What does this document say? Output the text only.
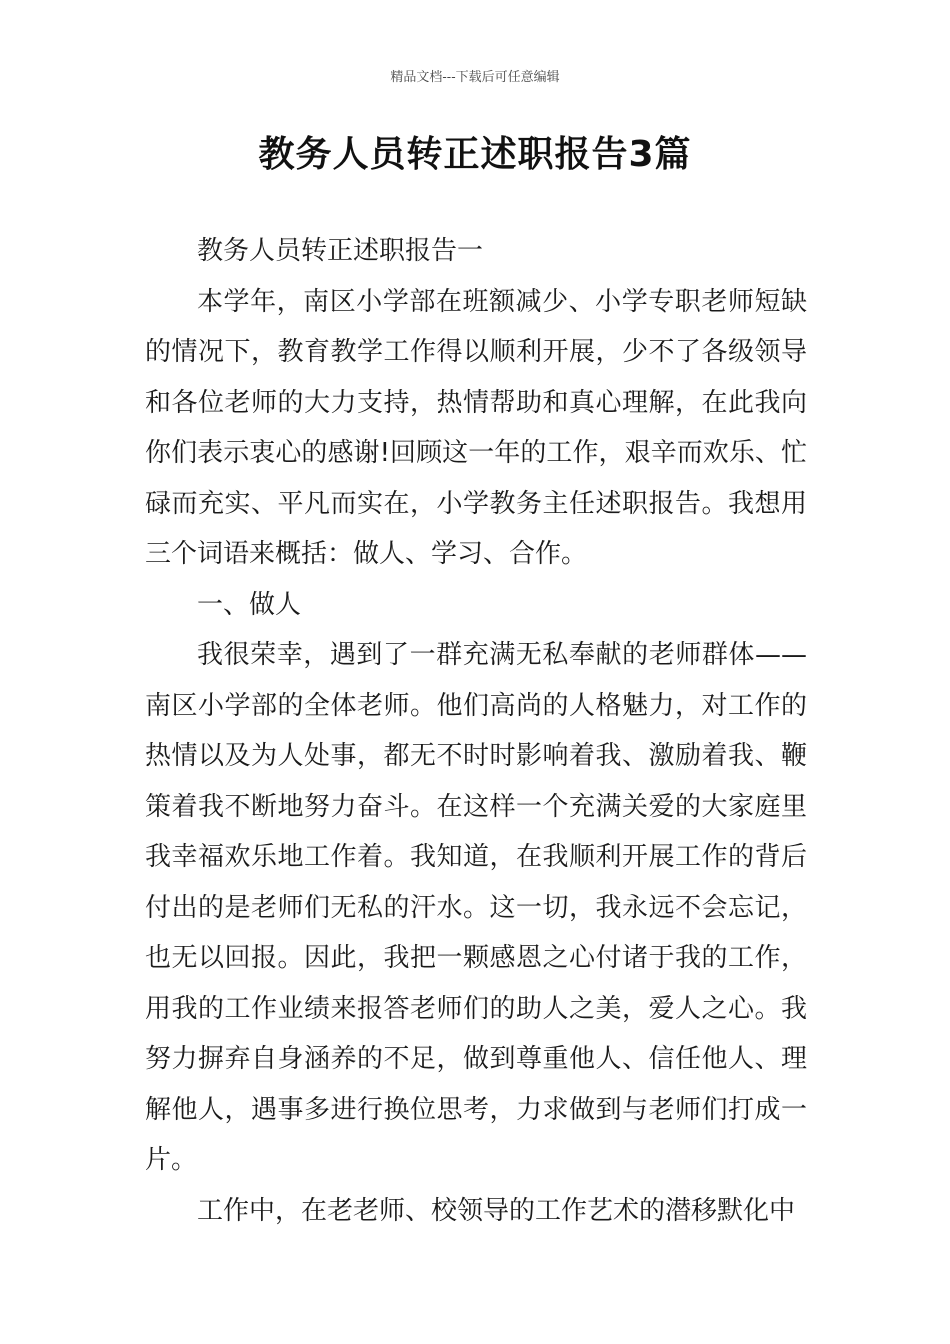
精品文档---下载后可任意编辑
教务人员转正述职报告3篇

教务人员转正述职报告一

本学年，南区小学部在班额减少、小学专职老师短缺的情况下，教育教学工作得以顺利开展，少不了各级领导和各位老师的大力支持，热情帮助和真心理解，在此我向你们表示衷心的感谢!回顾这一年的工作，艰辛而欢乐、忙碌而充实、平凡而实在，小学教务主任述职报告。我想用三个词语来概括：做人、学习、合作。

一、做人

我很荣幸，遇到了一群充满无私奉献的老师群体——南区小学部的全体老师。他们高尚的人格魅力，对工作的热情以及为人处事，都无不时时影响着我、激励着我、鞭策着我不断地努力奋斗。在这样一个充满关爱的大家庭里我幸福欢乐地工作着。我知道，在我顺利开展工作的背后付出的是老师们无私的汗水。这一切，我永远不会忘记，也无以回报。因此，我把一颗感恩之心付诸于我的工作，用我的工作业绩来报答老师们的助人之美，爱人之心。我努力摒弃自身涵养的不足，做到尊重他人、信任他人、理解他人，遇事多进行换位思考，力求做到与老师们打成一片。

工作中，在老老师、校领导的工作艺术的潜移默化中
